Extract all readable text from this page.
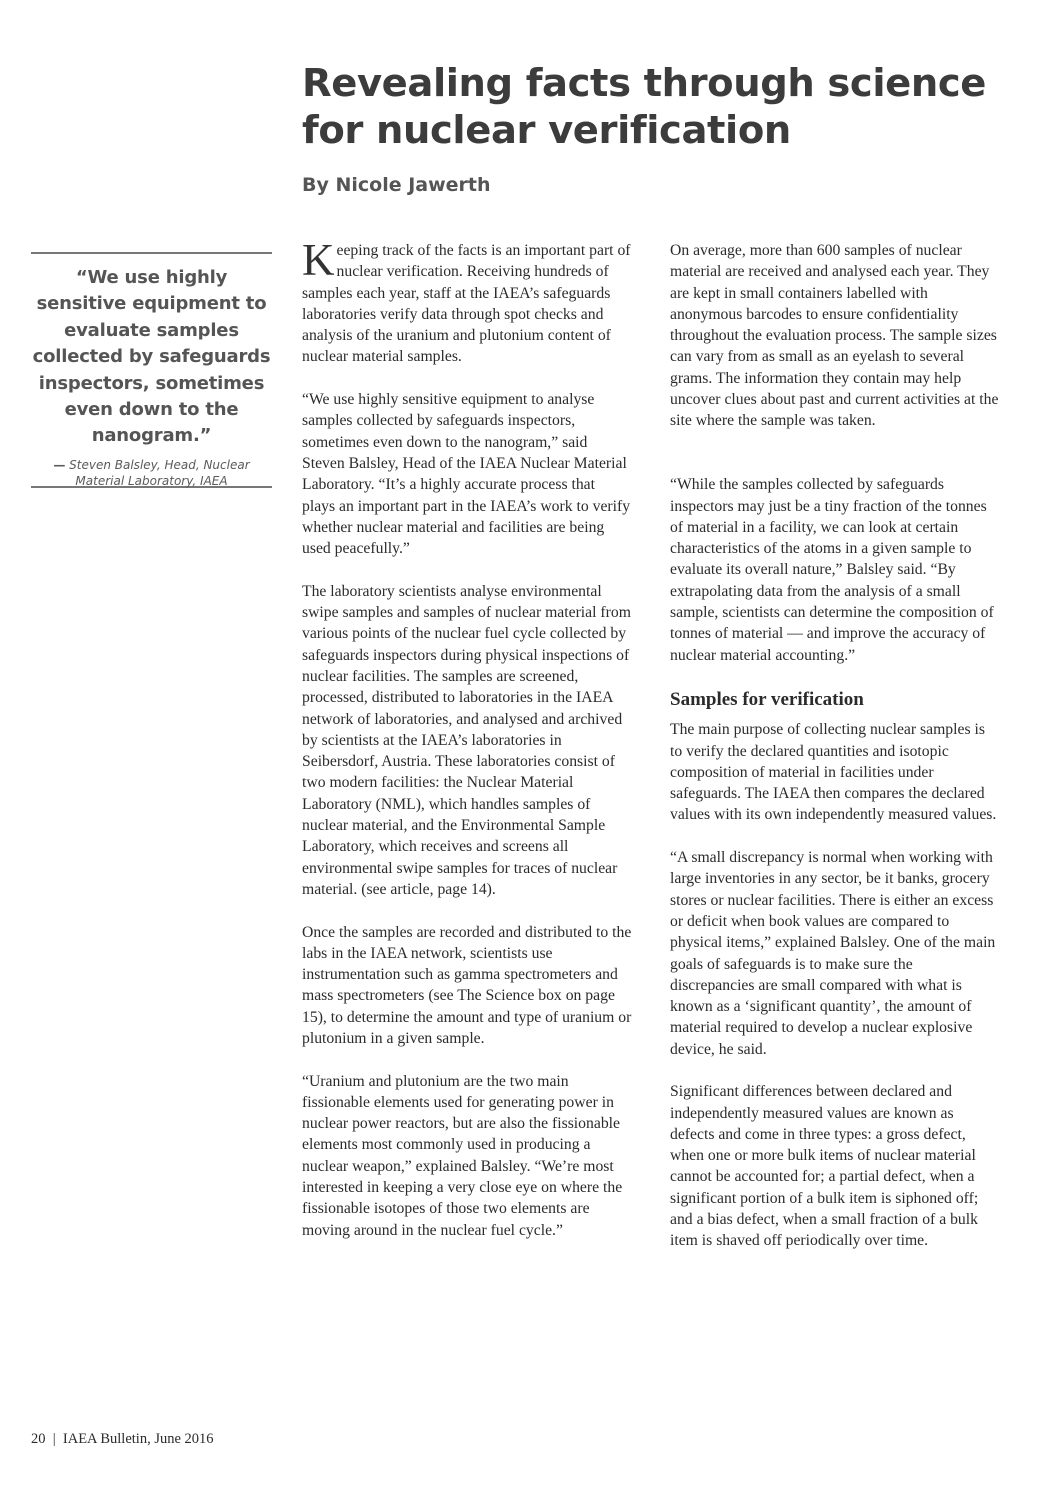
Revealing facts through science for nuclear verification
By Nicole Jawerth

“We use highly sensitive equipment to evaluate samples collected by safeguards inspectors, sometimes even down to the nanogram.”

— Steven Balsley, Head, Nuclear Material Laboratory, IAEA

Keeping track of the facts is an important part of nuclear verification. Receiving hundreds of samples each year, staff at the IAEA’s safeguards laboratories verify data through spot checks and analysis of the uranium and plutonium content of nuclear material samples.

“We use highly sensitive equipment to analyse samples collected by safeguards inspectors, sometimes even down to the nanogram,” said Steven Balsley, Head of the IAEA Nuclear Material Laboratory. “It’s a highly accurate process that plays an important part in the IAEA’s work to verify whether nuclear material and facilities are being used peacefully.”

The laboratory scientists analyse environmental swipe samples and samples of nuclear material from various points of the nuclear fuel cycle collected by safeguards inspectors during physical inspections of nuclear facilities. The samples are screened, processed, distributed to laboratories in the IAEA network of laboratories, and analysed and archived by scientists at the IAEA’s laboratories in Seibersdorf, Austria. These laboratories consist of two modern facilities: the Nuclear Material Laboratory (NML), which handles samples of nuclear material, and the Environmental Sample Laboratory, which receives and screens all environmental swipe samples for traces of nuclear material. (see article, page 14).

Once the samples are recorded and distributed to the labs in the IAEA network, scientists use instrumentation such as gamma spectrometers and mass spectrometers (see The Science box on page 15), to determine the amount and type of uranium or plutonium in a given sample.

“Uranium and plutonium are the two main fissionable elements used for generating power in nuclear power reactors, but are also the fissionable elements most commonly used in producing a nuclear weapon,” explained Balsley. “We’re most interested in keeping a very close eye on where the fissionable isotopes of those two elements are moving around in the nuclear fuel cycle.”

On average, more than 600 samples of nuclear material are received and analysed each year. They are kept in small containers labelled with anonymous barcodes to ensure confidentiality throughout the evaluation process. The sample sizes can vary from as small as an eyelash to several grams. The information they contain may help uncover clues about past and current activities at the site where the sample was taken.

“While the samples collected by safeguards inspectors may just be a tiny fraction of the tonnes of material in a facility, we can look at certain characteristics of the atoms in a given sample to evaluate its overall nature,” Balsley said. “By extrapolating data from the analysis of a small sample, scientists can determine the composition of tonnes of material — and improve the accuracy of nuclear material accounting.”

Samples for verification

The main purpose of collecting nuclear samples is to verify the declared quantities and isotopic composition of material in facilities under safeguards. The IAEA then compares the declared values with its own independently measured values.

“A small discrepancy is normal when working with large inventories in any sector, be it banks, grocery stores or nuclear facilities. There is either an excess or deficit when book values are compared to physical items,” explained Balsley. One of the main goals of safeguards is to make sure the discrepancies are small compared with what is known as a ‘significant quantity’, the amount of material required to develop a nuclear explosive device, he said.

Significant differences between declared and independently measured values are known as defects and come in three types: a gross defect, when one or more bulk items of nuclear material cannot be accounted for; a partial defect, when a significant portion of a bulk item is siphoned off; and a bias defect, when a small fraction of a bulk item is shaved off periodically over time.

20  |  IAEA Bulletin, June 2016
